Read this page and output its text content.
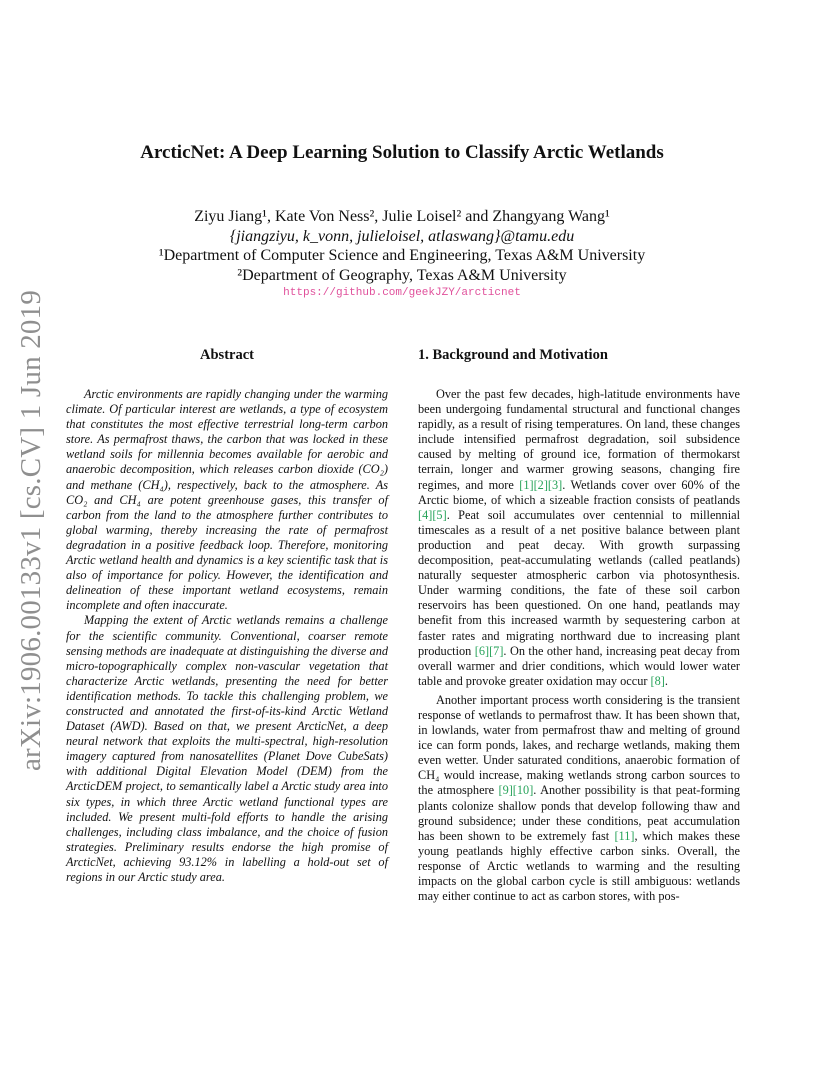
arXiv:1906.00133v1 [cs.CV] 1 Jun 2019
ArcticNet: A Deep Learning Solution to Classify Arctic Wetlands
Ziyu Jiang¹, Kate Von Ness², Julie Loisel² and Zhangyang Wang¹
{jiangziyu, k_vonn, julieloisel, atlaswang}@tamu.edu
¹Department of Computer Science and Engineering, Texas A&M University
²Department of Geography, Texas A&M University
https://github.com/geekJZY/arcticnet
Abstract

Arctic environments are rapidly changing under the warming climate. Of particular interest are wetlands, a type of ecosystem that constitutes the most effective terrestrial long-term carbon store. As permafrost thaws, the carbon that was locked in these wetland soils for millennia becomes available for aerobic and anaerobic decomposition, which releases carbon dioxide (CO₂) and methane (CH₄), respectively, back to the atmosphere. As CO₂ and CH₄ are potent greenhouse gases, this transfer of carbon from the land to the atmosphere further contributes to global warming, thereby increasing the rate of permafrost degradation in a positive feedback loop. Therefore, monitoring Arctic wetland health and dynamics is a key scientific task that is also of importance for policy. However, the identification and delineation of these important wetland ecosystems, remain incomplete and often inaccurate.

Mapping the extent of Arctic wetlands remains a challenge for the scientific community. Conventional, coarser remote sensing methods are inadequate at distinguishing the diverse and micro-topographically complex non-vascular vegetation that characterize Arctic wetlands, presenting the need for better identification methods. To tackle this challenging problem, we constructed and annotated the first-of-its-kind Arctic Wetland Dataset (AWD). Based on that, we present ArcticNet, a deep neural network that exploits the multi-spectral, high-resolution imagery captured from nanosatellites (Planet Dove CubeSats) with additional Digital Elevation Model (DEM) from the ArcticDEM project, to semantically label a Arctic study area into six types, in which three Arctic wetland functional types are included. We present multi-fold efforts to handle the arising challenges, including class imbalance, and the choice of fusion strategies. Preliminary results endorse the high promise of ArcticNet, achieving 93.12% in labelling a hold-out set of regions in our Arctic study area.

1. Background and Motivation

Over the past few decades, high-latitude environments have been undergoing fundamental structural and functional changes rapidly, as a result of rising temperatures. On land, these changes include intensified permafrost degradation, soil subsidence caused by melting of ground ice, formation of thermokarst terrain, longer and warmer growing seasons, changing fire regimes, and more [1][2][3]. Wetlands cover over 60% of the Arctic biome, of which a sizeable fraction consists of peatlands [4][5]. Peat soil accumulates over centennial to millennial timescales as a result of a net positive balance between plant production and peat decay. With growth surpassing decomposition, peat-accumulating wetlands (called peatlands) naturally sequester atmospheric carbon via photosynthesis. Under warming conditions, the fate of these soil carbon reservoirs has been questioned. On one hand, peatlands may benefit from this increased warmth by sequestering carbon at faster rates and migrating northward due to increasing plant production [6][7]. On the other hand, increasing peat decay from overall warmer and drier conditions, which would lower water table and provoke greater oxidation may occur [8].

Another important process worth considering is the transient response of wetlands to permafrost thaw. It has been shown that, in lowlands, water from permafrost thaw and melting of ground ice can form ponds, lakes, and recharge wetlands, making them even wetter. Under saturated conditions, anaerobic formation of CH₄ would increase, making wetlands strong carbon sources to the atmosphere [9][10]. Another possibility is that peat-forming plants colonize shallow ponds that develop following thaw and ground subsidence; under these conditions, peat accumulation has been shown to be extremely fast [11], which makes these young peatlands highly effective carbon sinks. Overall, the response of Arctic wetlands to warming and the resulting impacts on the global carbon cycle is still ambiguous: wetlands may either continue to act as carbon stores, with pos-
